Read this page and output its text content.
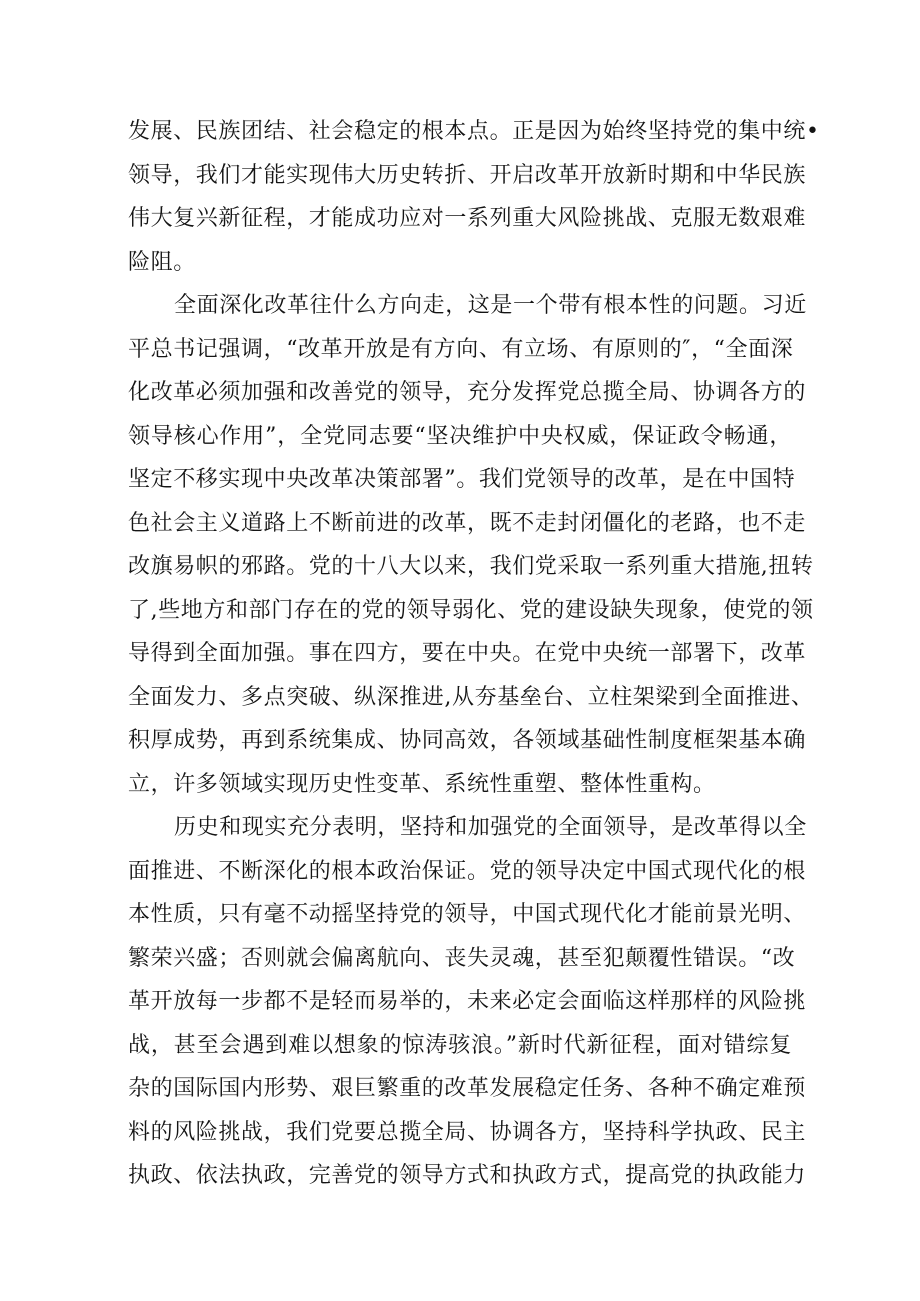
发展、民族团结、社会稳定的根本点。正是因为始终坚持党的集中统•
领导，我们才能实现伟大历史转折、开启改革开放新时期和中华民族
伟大复兴新征程，才能成功应对一系列重大风险挑战、克服无数艰难
险阻。
全面深化改革往什么方向走，这是一个带有根本性的问题。习近
平总书记强调，“改革开放是有方向、有立场、有原则的″，“全面深
化改革必须加强和改善党的领导，充分发挥党总揽全局、协调各方的
领导核心作用”，全党同志要“坚决维护中央权威，保证政令畅通，
坚定不移实现中央改革决策部署”。我们党领导的改革，是在中国特
色社会主义道路上不断前进的改革，既不走封闭僵化的老路，也不走
改旗易帜的邪路。党的十八大以来，我们党采取一系列重大措施,扭转
了,些地方和部门存在的党的领导弱化、党的建设缺失现象，使党的领
导得到全面加强。事在四方，要在中央。在党中央统一部署下，改革
全面发力、多点突破、纵深推进,从夯基垒台、立柱架梁到全面推进、
积厚成势，再到系统集成、协同高效，各领域基础性制度框架基本确
立，许多领域实现历史性变革、系统性重塑、整体性重构。
历史和现实充分表明，坚持和加强党的全面领导，是改革得以全
面推进、不断深化的根本政治保证。党的领导决定中国式现代化的根
本性质，只有毫不动摇坚持党的领导，中国式现代化才能前景光明、
繁荣兴盛；否则就会偏离航向、丧失灵魂，甚至犯颠覆性错误。“改
革开放每一步都不是轻而易举的，未来必定会面临这样那样的风险挑
战，甚至会遇到难以想象的惊涛骇浪。”新时代新征程，面对错综复
杂的国际国内形势、艰巨繁重的改革发展稳定任务、各种不确定难预
料的风险挑战，我们党要总揽全局、协调各方，坚持科学执政、民主
执政、依法执政，完善党的领导方式和执政方式，提高党的执政能力
